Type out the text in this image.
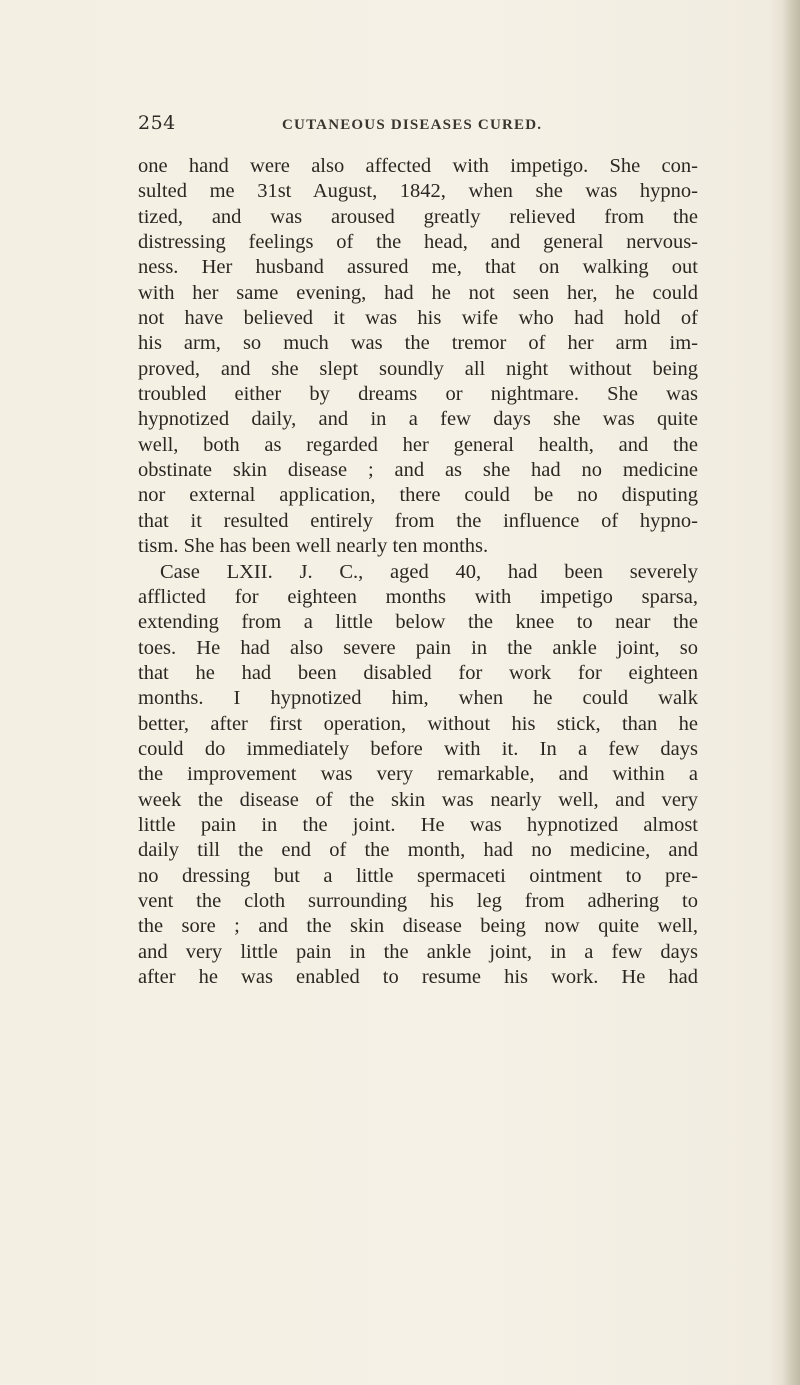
254	CUTANEOUS DISEASES CURED.
one hand were also affected with impetigo. She con-
sulted me 31st August, 1842, when she was hypno-
tized, and was aroused greatly relieved from the
distressing feelings of the head, and general nervous-
ness. Her husband assured me, that on walking out
with her same evening, had he not seen her, he could
not have believed it was his wife who had hold of
his arm, so much was the tremor of her arm im-
proved, and she slept soundly all night without being
troubled either by dreams or nightmare. She was
hypnotized daily, and in a few days she was quite
well, both as regarded her general health, and the
obstinate skin disease ; and as she had no medicine
nor external application, there could be no disputing
that it resulted entirely from the influence of hypno-
tism. She has been well nearly ten months.
Case LXII. J. C., aged 40, had been severely
afflicted for eighteen months with impetigo sparsa,
extending from a little below the knee to near the
toes. He had also severe pain in the ankle joint, so
that he had been disabled for work for eighteen
months. I hypnotized him, when he could walk
better, after first operation, without his stick, than he
could do immediately before with it. In a few days
the improvement was very remarkable, and within a
week the disease of the skin was nearly well, and very
little pain in the joint. He was hypnotized almost
daily till the end of the month, had no medicine, and
no dressing but a little spermaceti ointment to pre-
vent the cloth surrounding his leg from adhering to
the sore ; and the skin disease being now quite well,
and very little pain in the ankle joint, in a few days
after he was enabled to resume his work. He had
